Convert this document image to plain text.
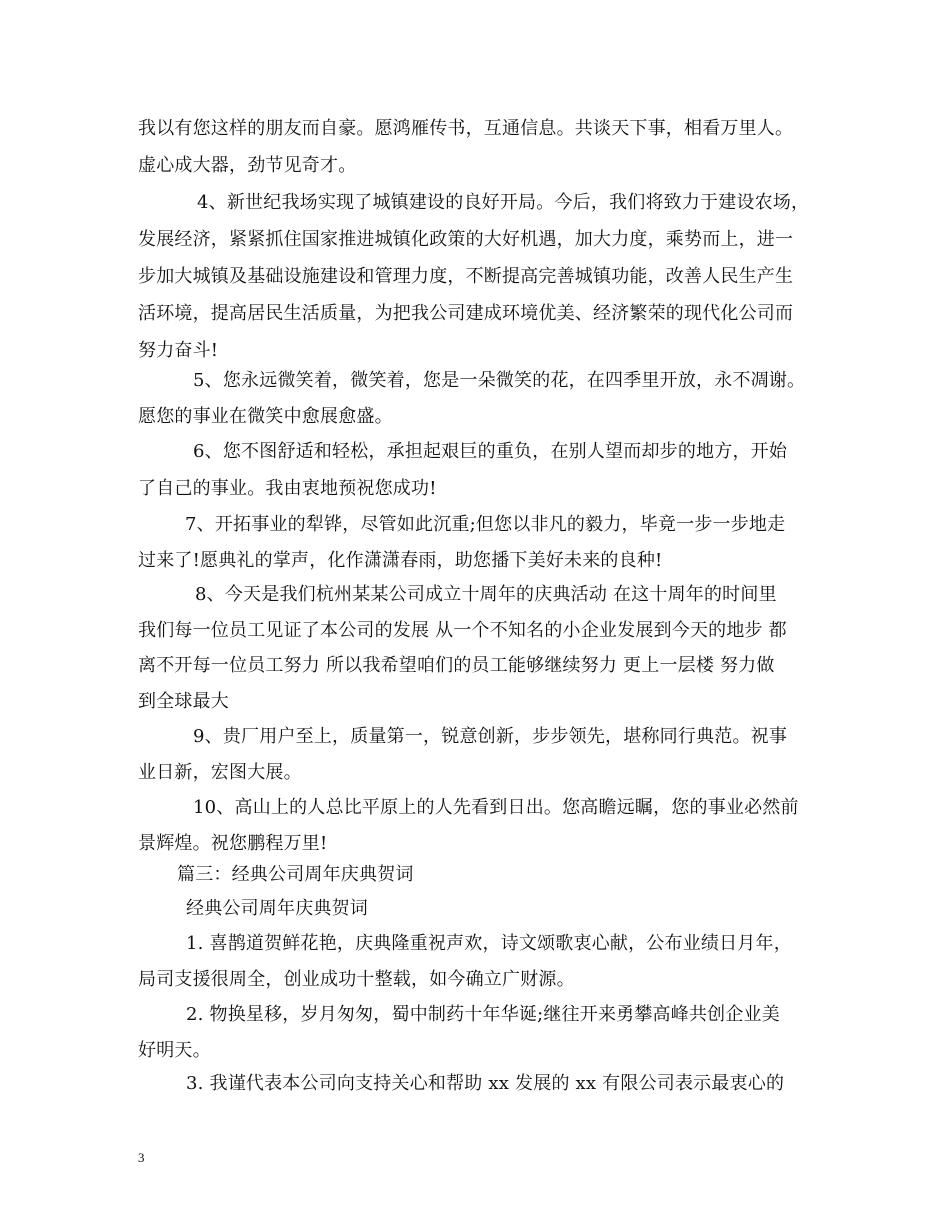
我以有您这样的朋友而自豪。愿鸿雁传书，互通信息。共谈天下事，相看万里人。
虚心成大器，劲节见奇才。
4、新世纪我场实现了城镇建设的良好开局。今后，我们将致力于建设农场，
发展经济，紧紧抓住国家推进城镇化政策的大好机遇，加大力度，乘势而上，进一
步加大城镇及基础设施建设和管理力度，不断提高完善城镇功能，改善人民生产生
活环境，提高居民生活质量，为把我公司建成环境优美、经济繁荣的现代化公司而
努力奋斗!
5、您永远微笑着，微笑着，您是一朵微笑的花，在四季里开放，永不凋谢。
愿您的事业在微笑中愈展愈盛。
6、您不图舒适和轻松，承担起艰巨的重负，在别人望而却步的地方，开始
了自己的事业。我由衷地预祝您成功!
7、开拓事业的犁铧，尽管如此沉重;但您以非凡的毅力，毕竟一步一步地走
过来了!愿典礼的掌声，化作潇潇春雨，助您播下美好未来的良种!
8、今天是我们杭州某某公司成立十周年的庆典活动 在这十周年的时间里
我们每一位员工见证了本公司的发展 从一个不知名的小企业发展到今天的地步 都
离不开每一位员工努力 所以我希望咱们的员工能够继续努力 更上一层楼 努力做
到全球最大
9、贵厂用户至上，质量第一，锐意创新，步步领先，堪称同行典范。祝事
业日新，宏图大展。
10、高山上的人总比平原上的人先看到日出。您高瞻远瞩，您的事业必然前
景辉煌。祝您鹏程万里!
篇三：经典公司周年庆典贺词
经典公司周年庆典贺词
1. 喜鹊道贺鲜花艳，庆典隆重祝声欢，诗文颂歌衷心献，公布业绩日月年，
局司支援很周全，创业成功十整载，如今确立广财源。
2. 物换星移，岁月匆匆，蜀中制药十年华诞;继往开来勇攀高峰共创企业美
好明天。
3. 我谨代表本公司向支持关心和帮助 xx 发展的 xx 有限公司表示最衷心的
3
